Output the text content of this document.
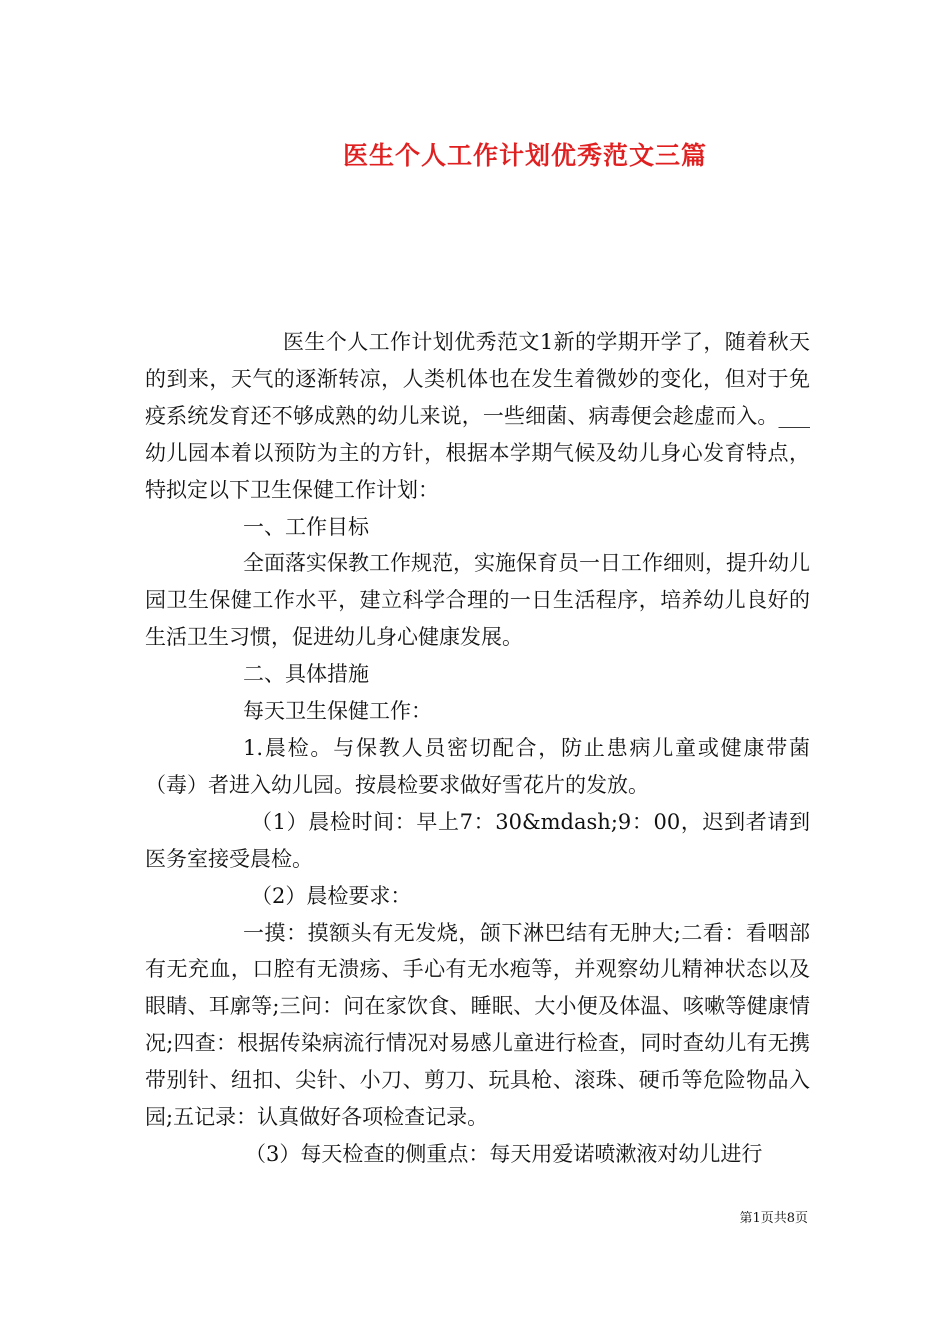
医生个人工作计划优秀范文三篇

医生个人工作计划优秀范文1新的学期开学了，随着秋天的到来，天气的逐渐转凉，人类机体也在发生着微妙的变化，但对于免疫系统发育还不够成熟的幼儿来说，一些细菌、病毒便会趁虚而入。___幼儿园本着以预防为主的方针，根据本学期气候及幼儿身心发育特点，特拟定以下卫生保健工作计划：

一、工作目标

全面落实保教工作规范，实施保育员一日工作细则，提升幼儿园卫生保健工作水平，建立科学合理的一日生活程序，培养幼儿良好的生活卫生习惯，促进幼儿身心健康发展。

二、具体措施

每天卫生保健工作：

1.晨检。与保教人员密切配合，防止患病儿童或健康带菌（毒）者进入幼儿园。按晨检要求做好雪花片的发放。

（1）晨检时间：早上7：30&mdash;9：00，迟到者请到医务室接受晨检。

（2）晨检要求：

一摸：摸额头有无发烧，颌下淋巴结有无肿大;二看：看咽部有无充血，口腔有无溃疡、手心有无水疱等，并观察幼儿精神状态以及眼睛、耳廓等;三问：问在家饮食、睡眠、大小便及体温、咳嗽等健康情况;四查：根据传染病流行情况对易感儿童进行检查，同时查幼儿有无携带别针、纽扣、尖针、小刀、剪刀、玩具枪、滚珠、硬币等危险物品入园;五记录：认真做好各项检查记录。

（3）每天检查的侧重点：每天用爱诺喷漱液对幼儿进行

第1页共8页
